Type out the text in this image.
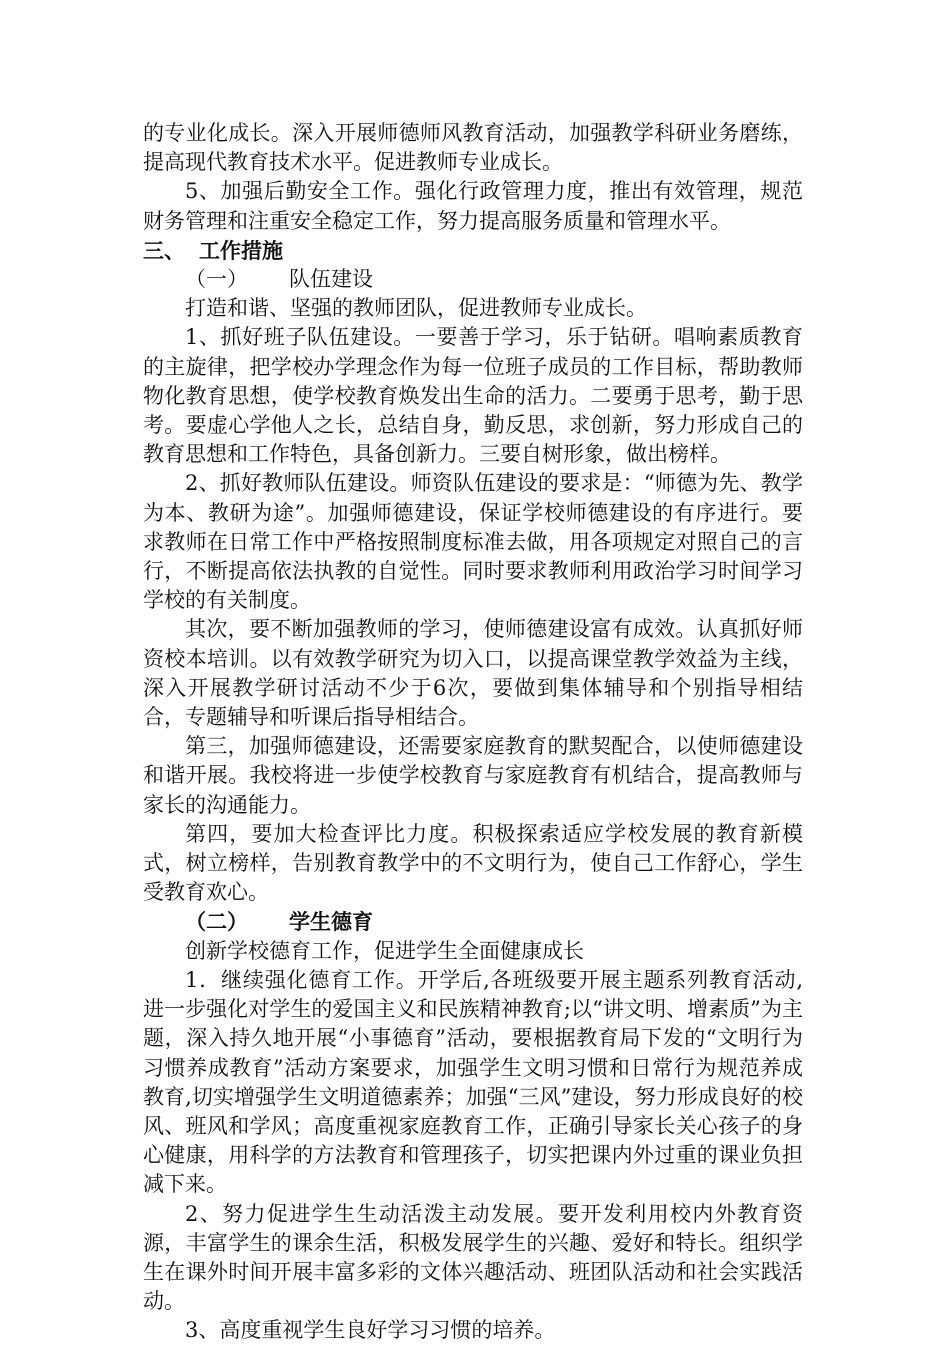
的专业化成长。深入开展师德师风教育活动，加强教学科研业务磨练，提高现代教育技术水平。促进教师专业成长。

5、加强后勤安全工作。强化行政管理力度，推出有效管理，规范财务管理和注重安全稳定工作，努力提高服务质量和管理水平。

三、 工作措施

（一） 队伍建设

打造和谐、坚强的教师团队，促进教师专业成长。

1、抓好班子队伍建设。一要善于学习，乐于钻研。唱响素质教育的主旋律，把学校办学理念作为每一位班子成员的工作目标，帮助教师物化教育思想，使学校教育焕发出生命的活力。二要勇于思考，勤于思考。要虚心学他人之长，总结自身，勤反思，求创新，努力形成自己的教育思想和工作特色，具备创新力。三要自树形象，做出榜样。

2、抓好教师队伍建设。师资队伍建设的要求是：“师德为先、教学为本、教研为途”。加强师德建设，保证学校师德建设的有序进行。要求教师在日常工作中严格按照制度标准去做，用各项规定对照自己的言行，不断提高依法执教的自觉性。同时要求教师利用政治学习时间学习学校的有关制度。

其次，要不断加强教师的学习，使师德建设富有成效。认真抓好师资校本培训。以有效教学研究为切入口，以提高课堂教学效益为主线，深入开展教学研讨活动不少于6次，要做到集体辅导和个别指导相结合，专题辅导和听课后指导相结合。

第三，加强师德建设，还需要家庭教育的默契配合，以使师德建设和谐开展。我校将进一步使学校教育与家庭教育有机结合，提高教师与家长的沟通能力。

第四，要加大检查评比力度。积极探索适应学校发展的教育新模式，树立榜样，告别教育教学中的不文明行为，使自己工作舒心，学生受教育欢心。

（二） 学生德育

创新学校德育工作，促进学生全面健康成长

1．继续强化德育工作。开学后,各班级要开展主题系列教育活动, 进一步强化对学生的爱国主义和民族精神教育;以“讲文明、增素质”为主题，深入持久地开展“小事德育”活动，要根据教育局下发的“文明行为习惯养成教育”活动方案要求，加强学生文明习惯和日常行为规范养成教育,切实增强学生文明道德素养；加强“三风”建设，努力形成良好的校风、班风和学风；高度重视家庭教育工作，正确引导家长关心孩子的身心健康，用科学的方法教育和管理孩子，切实把课内外过重的课业负担减下来。

2、努力促进学生生动活泼主动发展。要开发利用校内外教育资源，丰富学生的课余生活，积极发展学生的兴趣、爱好和特长。组织学生在课外时间开展丰富多彩的文体兴趣活动、班团队活动和社会实践活动。

3、高度重视学生良好学习习惯的培养。
